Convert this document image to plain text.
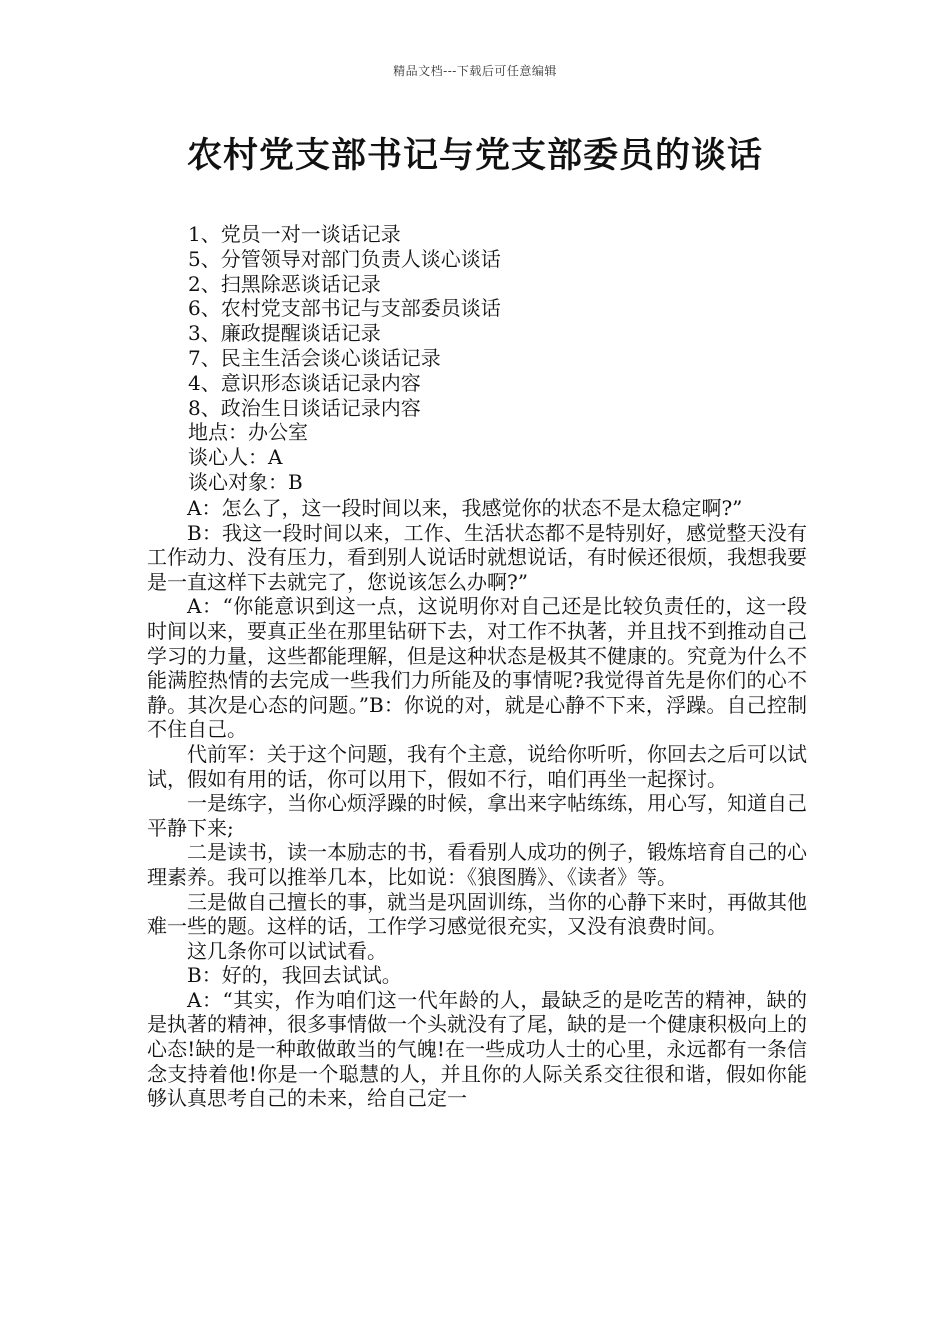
精品文档---下载后可任意编辑
农村党支部书记与党支部委员的谈话
1、党员一对一谈话记录
5、分管领导对部门负责人谈心谈话
2、扫黑除恶谈话记录
6、农村党支部书记与支部委员谈话
3、廉政提醒谈话记录
7、民主生活会谈心谈话记录
4、意识形态谈话记录内容
8、政治生日谈话记录内容
地点：办公室
谈心人：A
谈心对象：B

A：怎么了，这一段时间以来，我感觉你的状态不是太稳定啊?”

B：我这一段时间以来，工作、生活状态都不是特别好，感觉整天没有工作动力、没有压力，看到别人说话时就想说话，有时候还很烦，我想我要是一直这样下去就完了，您说该怎么办啊?”

A：“你能意识到这一点，这说明你对自己还是比较负责任的，这一段时间以来，要真正坐在那里钻研下去，对工作不执著，并且找不到推动自己学习的力量，这些都能理解，但是这种状态是极其不健康的。究竟为什么不能满腔热情的去完成一些我们力所能及的事情呢?我觉得首先是你们的心不静。其次是心态的问题。”B：你说的对，就是心静不下来，浮躁。自己控制不住自己。

代前军：关于这个问题，我有个主意，说给你听听，你回去之后可以试试，假如有用的话，你可以用下，假如不行，咱们再坐一起探讨。

一是练字，当你心烦浮躁的时候，拿出来字帖练练，用心写，知道自己平静下来;

二是读书，读一本励志的书，看看别人成功的例子，锻炼培育自己的心理素养。我可以推举几本，比如说：《狼图腾》、《读者》等。

三是做自己擅长的事，就当是巩固训练，当你的心静下来时，再做其他难一些的题。这样的话，工作学习感觉很充实，又没有浪费时间。

这几条你可以试试看。

B：好的，我回去试试。

A：“其实，作为咱们这一代年龄的人，最缺乏的是吃苦的精神，缺的是执著的精神，很多事情做一个头就没有了尾，缺的是一个健康积极向上的心态!缺的是一种敢做敢当的气魄!在一些成功人士的心里，永远都有一条信念支持着他!你是一个聪慧的人，并且你的人际关系交往很和谐，假如你能够认真思考自己的未来，给自己定一
